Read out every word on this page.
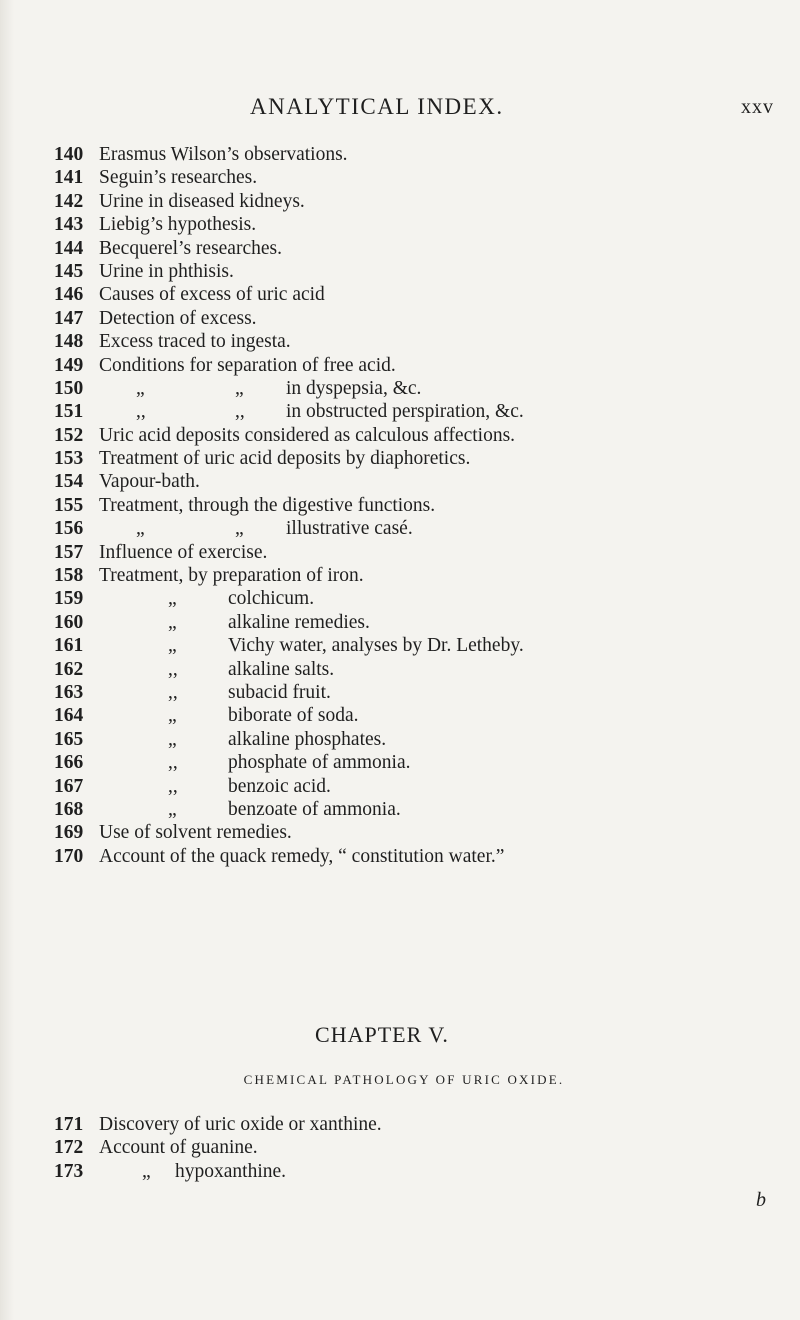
ANALYTICAL INDEX.	xxv
140 Erasmus Wilson’s observations.
141 Seguin’s researches.
142 Urine in diseased kidneys.
143 Liebig’s hypothesis.
144 Becquerel’s researches.
145 Urine in phthisis.
146 Causes of excess of uric acid
147 Detection of excess.
148 Excess traced to ingesta.
149 Conditions for separation of free acid.
150	„	„ in dyspepsia, &c.
151	,,	,, in obstructed perspiration, &c.
152 Uric acid deposits considered as calculous affections.
153 Treatment of uric acid deposits by diaphoretics.
154 Vapour-bath.
155 Treatment, through the digestive functions.
156	„	„ illustrative casé.
157 Influence of exercise.
158 Treatment, by preparation of iron.
159	„	colchicum.
160	„	alkaline remedies.
161	„	Vichy water, analyses by Dr. Letheby.
162	,,	alkaline salts.
163	,,	subacid fruit.
164	„	biborate of soda.
165	„	alkaline phosphates.
166	,,	phosphate of ammonia.
167	,,	benzoic acid.
168	„	benzoate of ammonia.
169 Use of solvent remedies.
170 Account of the quack remedy, “ constitution water.”
CHAPTER V.
CHEMICAL PATHOLOGY OF URIC OXIDE.
171 Discovery of uric oxide or xanthine.
172 Account of guanine.
173	„ hypoxanthine.
b
